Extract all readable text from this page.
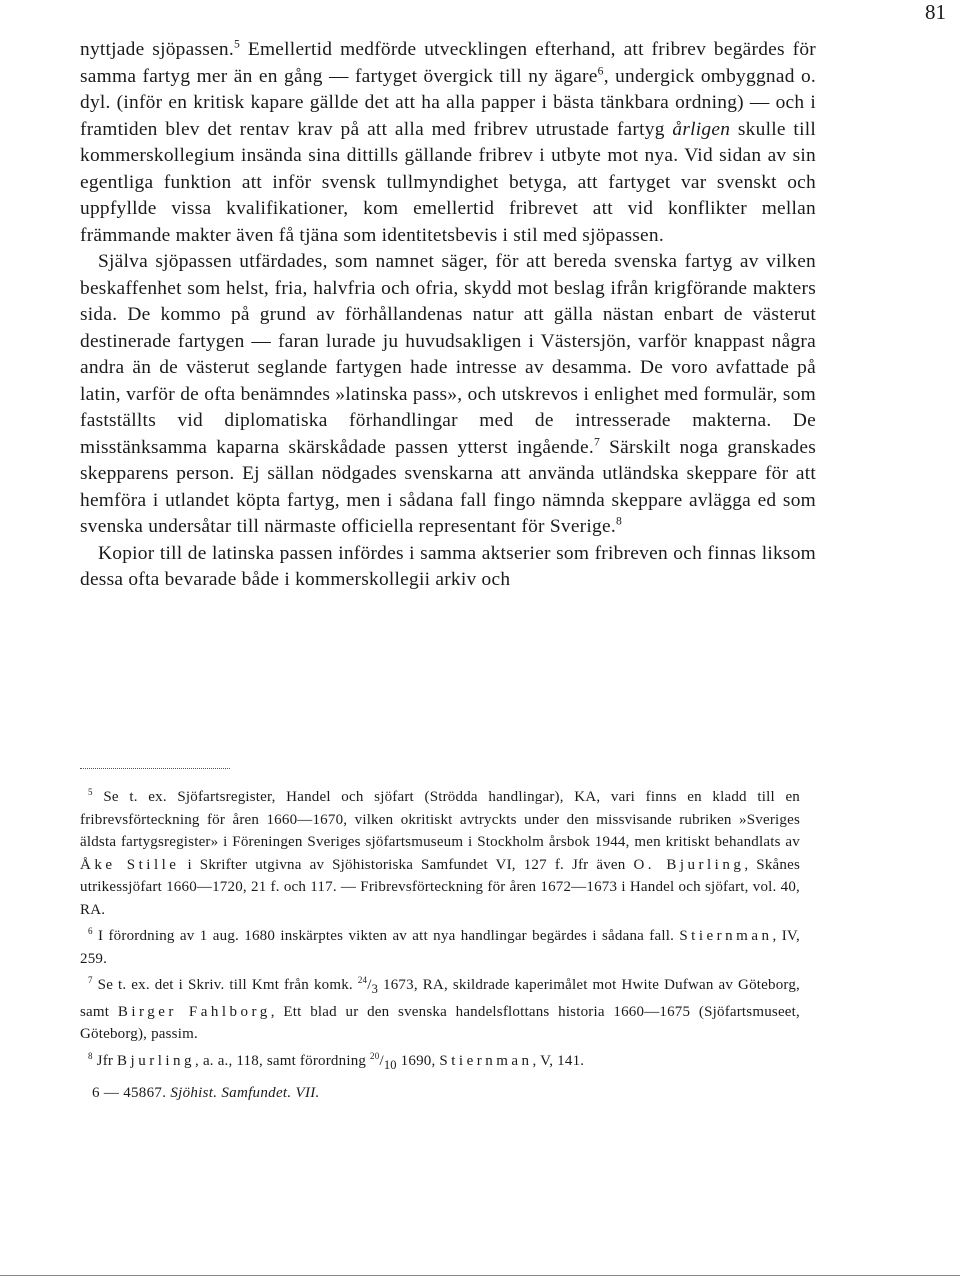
81

nyttjade sjöpassen.$^5$ Emellertid medförde utvecklingen efterhand, att fribrev begärdes för samma fartyg mer än en gång — fartyget övergick till ny ägare$^6$, undergick ombyggnad o. dyl. (inför en kritisk kapare gällde det att ha alla papper i bästa tänkbara ordning) — och i framtiden blev det rentav krav på att alla med fribrev utrustade fartyg årligen skulle till kommerskollegium insända sina dittills gällande fribrev i utbyte mot nya. Vid sidan av sin egentliga funktion att inför svensk tullmyndighet betyga, att fartyget var svenskt och uppfyllde vissa kvalifikationer, kom emellertid fribrevet att vid konflikter mellan främmande makter även få tjäna som identitetsbevis i stil med sjöpassen.

Själva sjöpassen utfärdades, som namnet säger, för att bereda svenska fartyg av vilken beskaffenhet som helst, fria, halvfria och ofria, skydd mot beslag ifrån krigförande makters sida. De kommo på grund av förhållandenas natur att gälla nästan enbart de västerut destinerade fartygen — faran lurade ju huvudsakligen i Västersjön, varför knappast några andra än de västerut seglande fartygen hade intresse av desamma. De voro avfattade på latin, varför de ofta benämndes »latinska pass», och utskrevos i enlighet med formulär, som fastställts vid diplomatiska förhandlingar med de intresserade makterna. De misstänksamma kaparna skärskådade passen ytterst ingående.$^7$ Särskilt noga granskades skepparens person. Ej sällan nödgades svenskarna att använda utländska skeppare för att hemföra i utlandet köpta fartyg, men i sådana fall fingo nämnda skeppare avlägga ed som svenska undersåtar till närmaste officiella representant för Sverige.$^8$

Kopior till de latinska passen infördes i samma aktserier som fribreven och finnas liksom dessa ofta bevarade både i kommerskollegii arkiv och

$^5$ Se t. ex. Sjöfartsregister, Handel och sjöfart (Strödda handlingar), KA, vari finns en kladd till en fribrevsförteckning för åren 1660—1670, vilken okritiskt avtryckts under den missvisande rubriken »Sveriges äldsta fartygsregister» i Föreningen Sveriges sjöfartsmuseum i Stockholm årsbok 1944, men kritiskt behandlats av Åke Stille i Skrifter utgivna av Sjöhistoriska Samfundet VI, 127 f. Jfr även O. Bjurling, Skånes utrikessjöfart 1660—1720, 21 f. och 117. — Fribrevsförteckning för åren 1672—1673 i Handel och sjöfart, vol. 40, RA.

$^6$ I förordning av 1 aug. 1680 inskärptes vikten av att nya handlingar begärdes i sådana fall. Stiernman, IV, 259.

$^7$ Se t. ex. det i Skriv. till Kmt från komk. $^{24}/_3$ 1673, RA, skildrade kaperimålet mot Hwite Dufwan av Göteborg, samt Birger Fahlborg, Ett blad ur den svenska handelsflottans historia 1660—1675 (Sjöfartsmuseet, Göteborg), passim.

$^8$ Jfr Bjurling, a. a., 118, samt förordning $^{20}/_{10}$ 1690, Stiernman, V, 141.

6 — 45867. Sjöhist. Samfundet. VII.
